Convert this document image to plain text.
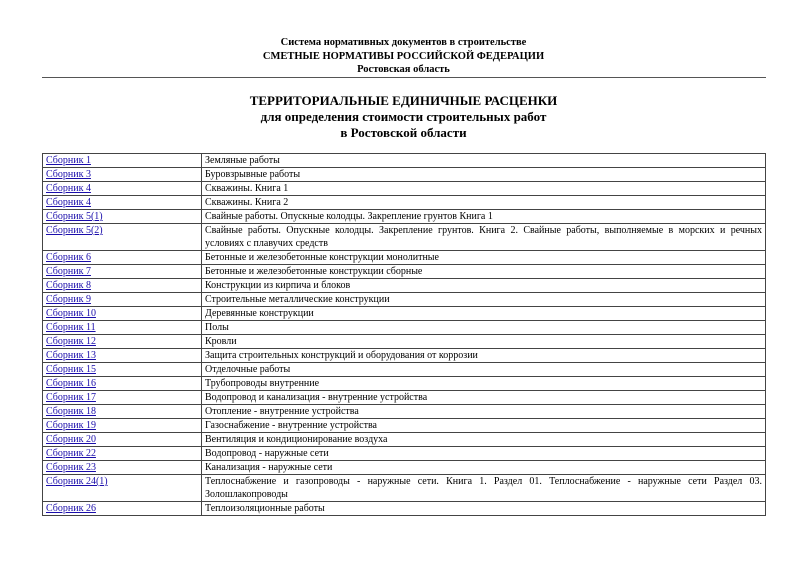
Система нормативных документов в строительстве
СМЕТНЫЕ НОРМАТИВЫ РОССИЙСКОЙ ФЕДЕРАЦИИ
Ростовская область
ТЕРРИТОРИАЛЬНЫЕ ЕДИНИЧНЫЕ РАСЦЕНКИ
для определения стоимости строительных работ
в Ростовской области
Сборник 1	Земляные работы
Сборник 3	Буровзрывные работы
Сборник 4	Скважины. Книга 1
Сборник 4	Скважины. Книга 2
Сборник 5(1)	Свайные работы. Опускные колодцы. Закрепление грунтов Книга 1
Сборник 5(2)	Свайные работы. Опускные колодцы. Закрепление грунтов. Книга 2. Свайные работы, выполняемые в морских и речных условиях с плавучих средств
Сборник 6	Бетонные и железобетонные конструкции монолитные
Сборник 7	Бетонные и железобетонные конструкции сборные
Сборник 8	Конструкции из кирпича и блоков
Сборник 9	Строительные металлические конструкции
Сборник 10	Деревянные конструкции
Сборник 11	Полы
Сборник 12	Кровли
Сборник 13	Защита строительных конструкций и оборудования от коррозии
Сборник 15	Отделочные работы
Сборник 16	Трубопроводы внутренние
Сборник 17	Водопровод и канализация - внутренние устройства
Сборник 18	Отопление - внутренние устройства
Сборник 19	Газоснабжение - внутренние устройства
Сборник 20	Вентиляция и кондиционирование воздуха
Сборник 22	Водопровод - наружные сети
Сборник 23	Канализация - наружные сети
Сборник 24(1)	Теплоснабжение и газопроводы - наружные сети. Книга 1. Раздел 01. Теплоснабжение - наружные сети Раздел 03. Золошлакопроводы
Сборник 26	Теплоизоляционные работы
